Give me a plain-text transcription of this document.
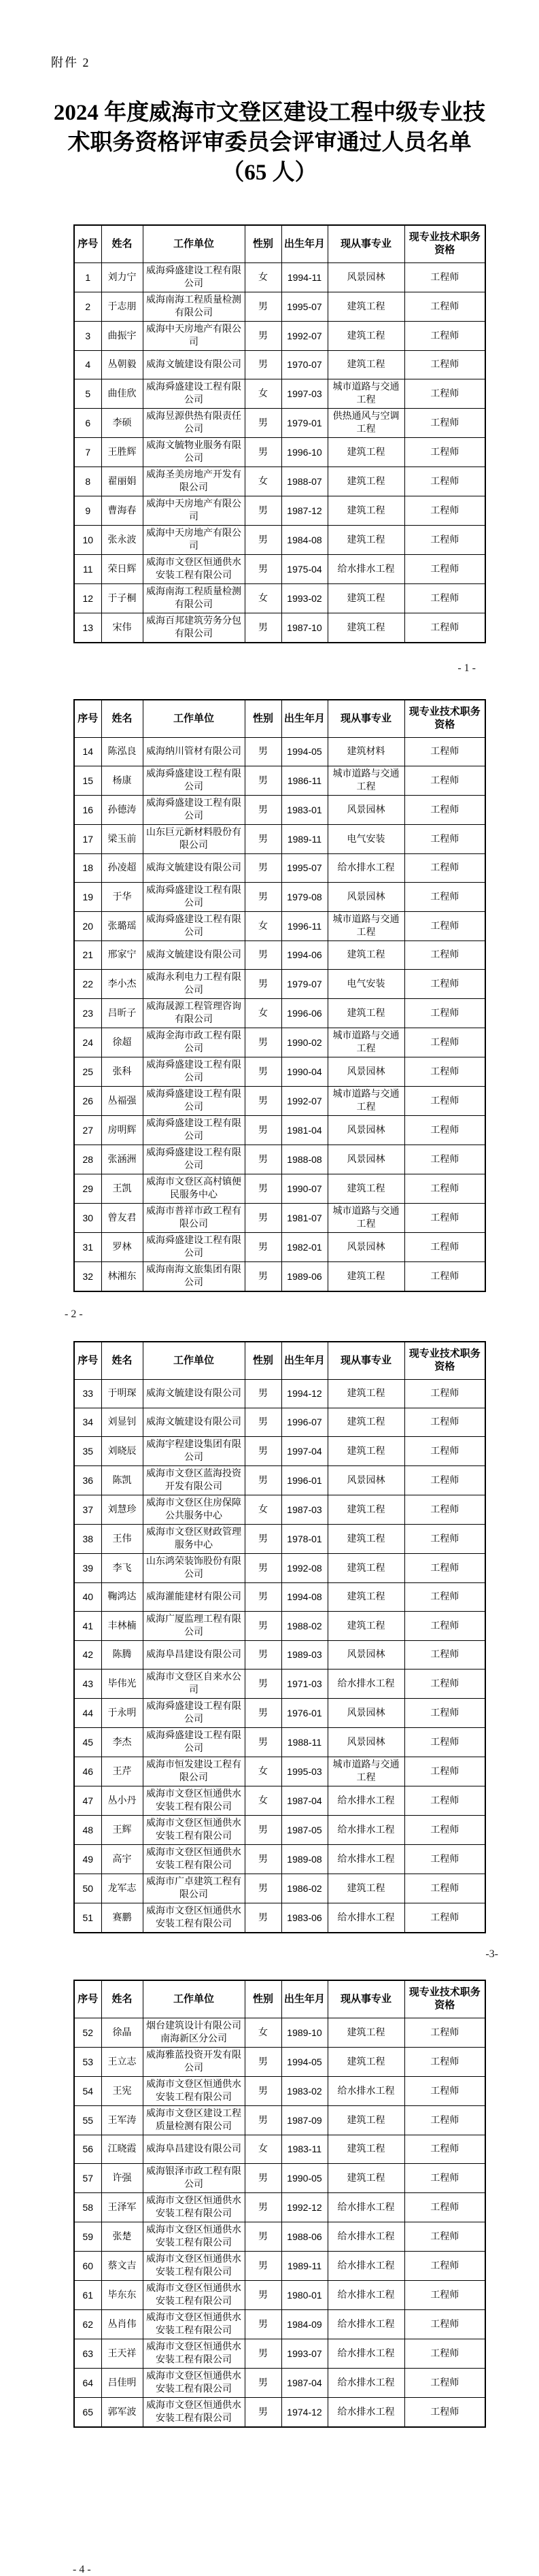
附件 2
2024 年度威海市文登区建设工程中级专业技
术职务资格评审委员会评审通过人员名单
（65 人）
序号	姓名	工作单位	性别	出生年月	现从事专业	现专业技术职务资格
1	刘力宁	威海舜盛建设工程有限公司	女	1994-11	风景园林	工程师
2	于志朋	威海南海工程质量检测有限公司	男	1995-07	建筑工程	工程师
3	曲振宇	威海中天房地产有限公司	男	1992-07	建筑工程	工程师
4	丛朝毅	威海文毓建设有限公司	男	1970-07	建筑工程	工程师
5	曲佳欣	威海舜盛建设工程有限公司	女	1997-03	城市道路与交通工程	工程师
6	李硕	威海昱源供热有限责任公司	男	1979-01	供热通风与空调工程	工程师
7	王胜辉	威海文毓物业服务有限公司	男	1996-10	建筑工程	工程师
8	翟丽娟	威海圣美房地产开发有限公司	女	1988-07	建筑工程	工程师
9	曹海春	威海中天房地产有限公司	男	1987-12	建筑工程	工程师
10	张永波	威海中天房地产有限公司	男	1984-08	建筑工程	工程师
11	荣日辉	威海市文登区恒通供水安装工程有限公司	男	1975-04	给水排水工程	工程师
12	于子桐	威海南海工程质量检测有限公司	女	1993-02	建筑工程	工程师
13	宋伟	威海百邦建筑劳务分包有限公司	男	1987-10	建筑工程	工程师
- 1 -
序号	姓名	工作单位	性别	出生年月	现从事专业	现专业技术职务资格
14	陈泓良	威海纳川管材有限公司	男	1994-05	建筑材料	工程师
15	杨康	威海舜盛建设工程有限公司	男	1986-11	城市道路与交通工程	工程师
16	孙德涛	威海舜盛建设工程有限公司	男	1983-01	风景园林	工程师
17	梁玉前	山东巨元新材料股份有限公司	男	1989-11	电气安装	工程师
18	孙凌超	威海文毓建设有限公司	男	1995-07	给水排水工程	工程师
19	于华	威海舜盛建设工程有限公司	男	1979-08	风景园林	工程师
20	张璐瑶	威海舜盛建设工程有限公司	女	1996-11	城市道路与交通工程	工程师
21	邢家宁	威海文毓建设有限公司	男	1994-06	建筑工程	工程师
22	李小杰	威海永利电力工程有限公司	男	1979-07	电气安装	工程师
23	吕昕子	威海晟源工程管理咨询有限公司	女	1996-06	建筑工程	工程师
24	徐超	威海金海市政工程有限公司	男	1990-02	城市道路与交通工程	工程师
25	张科	威海舜盛建设工程有限公司	男	1990-04	风景园林	工程师
26	丛福强	威海舜盛建设工程有限公司	男	1992-07	城市道路与交通工程	工程师
27	房明辉	威海舜盛建设工程有限公司	男	1981-04	风景园林	工程师
28	张涵洲	威海舜盛建设工程有限公司	男	1988-08	风景园林	工程师
29	王凯	威海市文登区高村镇便民服务中心	男	1990-07	建筑工程	工程师
30	曾友君	威海市普祥市政工程有限公司	男	1981-07	城市道路与交通工程	工程师
31	罗林	威海舜盛建设工程有限公司	男	1982-01	风景园林	工程师
32	林湘东	威海南海文旅集团有限公司	男	1989-06	建筑工程	工程师
- 2 -
序号	姓名	工作单位	性别	出生年月	现从事专业	现专业技术职务资格
33	于明琛	威海文毓建设有限公司	男	1994-12	建筑工程	工程师
34	刘显钊	威海文毓建设有限公司	男	1996-07	建筑工程	工程师
35	刘晓辰	威海宇程建设集团有限公司	男	1997-04	建筑工程	工程师
36	陈凯	威海市文登区蓝海投资开发有限公司	男	1996-01	风景园林	工程师
37	刘慧珍	威海市文登区住房保障公共服务中心	女	1987-03	建筑工程	工程师
38	王伟	威海市文登区财政管理服务中心	男	1978-01	建筑工程	工程师
39	李飞	山东鸿荣装饰股份有限公司	男	1992-08	建筑工程	工程师
40	鞠鸿达	威海灌能建材有限公司	男	1994-08	建筑工程	工程师
41	丰林楠	威海广厦监理工程有限公司	男	1988-02	建筑工程	工程师
42	陈腾	威海阜昌建设有限公司	男	1989-03	风景园林	工程师
43	毕伟光	威海市文登区自来水公司	男	1971-03	给水排水工程	工程师
44	于永明	威海舜盛建设工程有限公司	男	1976-01	风景园林	工程师
45	李杰	威海舜盛建设工程有限公司	男	1988-11	风景园林	工程师
46	王芹	威海市恒发建设工程有限公司	女	1995-03	城市道路与交通工程	工程师
47	丛小丹	威海市文登区恒通供水安装工程有限公司	女	1987-04	给水排水工程	工程师
48	王辉	威海市文登区恒通供水安装工程有限公司	男	1987-05	给水排水工程	工程师
49	高宇	威海市文登区恒通供水安装工程有限公司	男	1989-08	给水排水工程	工程师
50	龙军志	威海市广卓建筑工程有限公司	男	1986-02	建筑工程	工程师
51	赛鹏	威海市文登区恒通供水安装工程有限公司	男	1983-06	给水排水工程	工程师
-3-
序号	姓名	工作单位	性别	出生年月	现从事专业	现专业技术职务资格
52	徐晶	烟台建筑设计有限公司南海新区分公司	女	1989-10	建筑工程	工程师
53	王立志	威海雅蓝投资开发有限公司	男	1994-05	建筑工程	工程师
54	王宪	威海市文登区恒通供水安装工程有限公司	男	1983-02	给水排水工程	工程师
55	王军涛	威海市文登区建设工程质量检测有限公司	男	1987-09	建筑工程	工程师
56	江晓霞	威海阜昌建设有限公司	女	1983-11	建筑工程	工程师
57	许强	威海银泽市政工程有限公司	男	1990-05	建筑工程	工程师
58	王泽军	威海市文登区恒通供水安装工程有限公司	男	1992-12	给水排水工程	工程师
59	张楚	威海市文登区恒通供水安装工程有限公司	男	1988-06	给水排水工程	工程师
60	蔡文吉	威海市文登区恒通供水安装工程有限公司	男	1989-11	给水排水工程	工程师
61	毕东东	威海市文登区恒通供水安装工程有限公司	男	1980-01	给水排水工程	工程师
62	丛肖伟	威海市文登区恒通供水安装工程有限公司	男	1984-09	给水排水工程	工程师
63	王天祥	威海市文登区恒通供水安装工程有限公司	男	1993-07	给水排水工程	工程师
64	吕佳明	威海市文登区恒通供水安装工程有限公司	男	1987-04	给水排水工程	工程师
65	郭军波	威海市文登区恒通供水安装工程有限公司	男	1974-12	给水排水工程	工程师
- 4 -
